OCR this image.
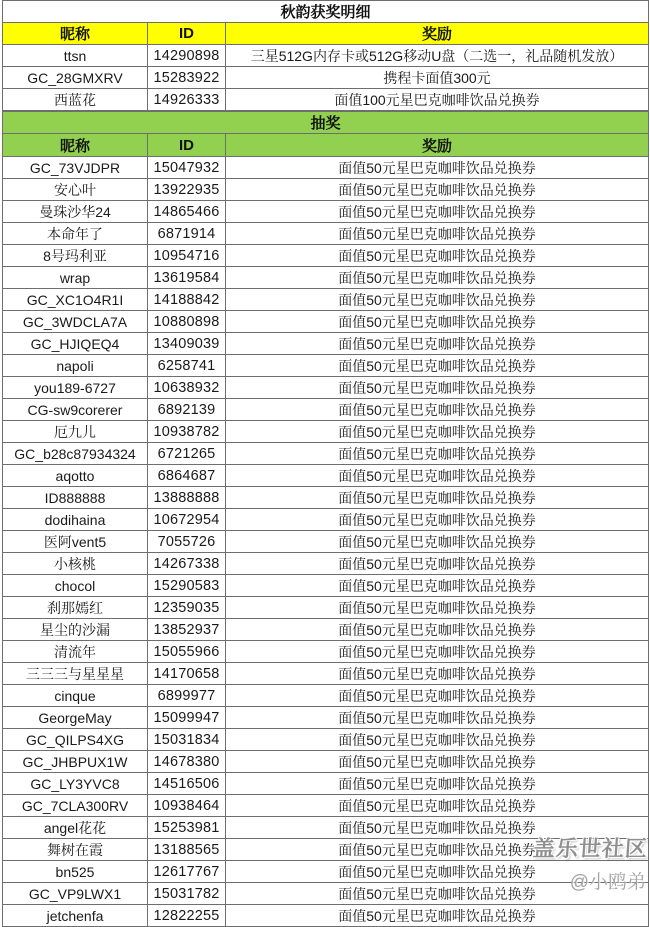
秋韵获奖明细		
昵称	ID	奖励
ttsn	14290898	三星512G内存卡或512G移动U盘（二选一，礼品随机发放）
GC_28GMXRV	15283922	携程卡面值300元
西蓝花	14926333	面值100元星巴克咖啡饮品兑换券
抽奖		
昵称	ID	奖励
GC_73VJDPR	15047932	面值50元星巴克咖啡饮品兑换券
安心叶	13922935	面值50元星巴克咖啡饮品兑换券
曼珠沙华24	14865466	面值50元星巴克咖啡饮品兑换券
本命年了	6871914	面值50元星巴克咖啡饮品兑换券
8号玛利亚	10954716	面值50元星巴克咖啡饮品兑换券
wrap	13619584	面值50元星巴克咖啡饮品兑换券
GC_XC1O4R1I	14188842	面值50元星巴克咖啡饮品兑换券
GC_3WDCLA7A	10880898	面值50元星巴克咖啡饮品兑换券
GC_HJIQEQ4	13409039	面值50元星巴克咖啡饮品兑换券
napoli	6258741	面值50元星巴克咖啡饮品兑换券
you189-6727	10638932	面值50元星巴克咖啡饮品兑换券
CG-sw9corerer	6892139	面值50元星巴克咖啡饮品兑换券
厄九儿	10938782	面值50元星巴克咖啡饮品兑换券
GC_b28c87934324	6721265	面值50元星巴克咖啡饮品兑换券
aqotto	6864687	面值50元星巴克咖啡饮品兑换券
ID888888	13888888	面值50元星巴克咖啡饮品兑换券
dodihaina	10672954	面值50元星巴克咖啡饮品兑换券
医阿vent5	7055726	面值50元星巴克咖啡饮品兑换券
小核桃	14267338	面值50元星巴克咖啡饮品兑换券
chocol	15290583	面值50元星巴克咖啡饮品兑换券
刹那嫣红	12359035	面值50元星巴克咖啡饮品兑换券
星尘的沙漏	13852937	面值50元星巴克咖啡饮品兑换券
清流年	15055966	面值50元星巴克咖啡饮品兑换券
三三三与星星星	14170658	面值50元星巴克咖啡饮品兑换券
cinque	6899977	面值50元星巴克咖啡饮品兑换券
GeorgeMay	15099947	面值50元星巴克咖啡饮品兑换券
GC_QILPS4XG	15031834	面值50元星巴克咖啡饮品兑换券
GC_JHBPUX1W	14678380	面值50元星巴克咖啡饮品兑换券
GC_LY3YVC8	14516506	面值50元星巴克咖啡饮品兑换券
GC_7CLA300RV	10938464	面值50元星巴克咖啡饮品兑换券
angel花花	15253981	面值50元星巴克咖啡饮品兑换券
舞树在霞	13188565	面值50元星巴克咖啡饮品兑换券
bn525	12617767	面值50元星巴克咖啡饮品兑换券
GC_VP9LWX1	15031782	面值50元星巴克咖啡饮品兑换券
jetchenfa	12822255	面值50元星巴克咖啡饮品兑换券
盖乐世社区
@小鸥弟
